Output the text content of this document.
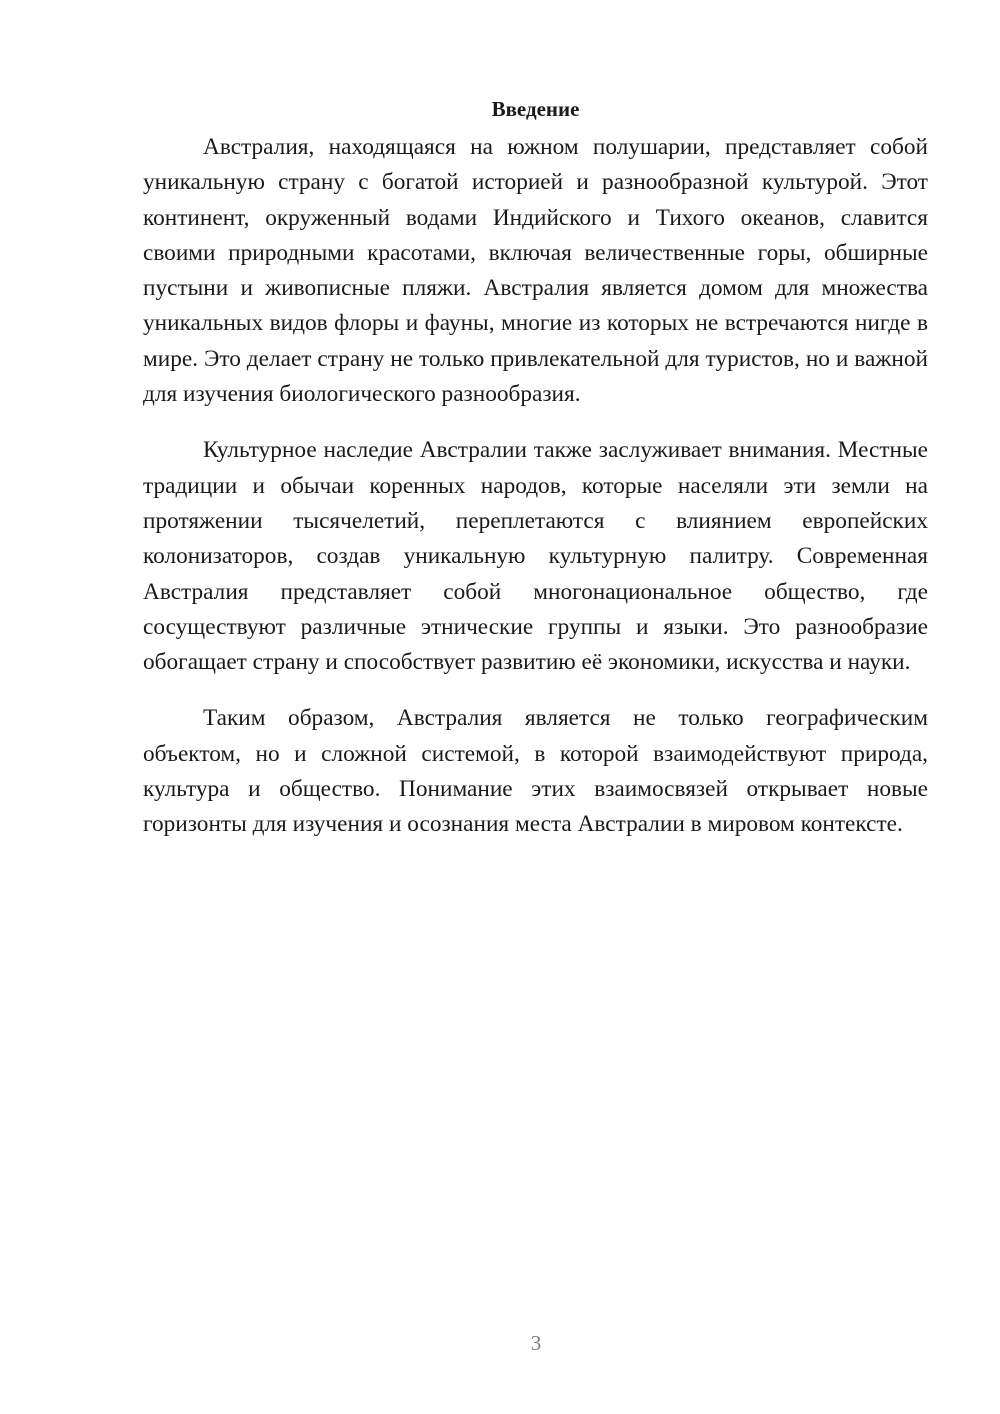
Введение

Австралия, находящаяся на южном полушарии, представляет собой уникальную страну с богатой историей и разнообразной культурой. Этот континент, окруженный водами Индийского и Тихого океанов, славится своими природными красотами, включая величественные горы, обширные пустыни и живописные пляжи. Австралия является домом для множества уникальных видов флоры и фауны, многие из которых не встречаются нигде в мире. Это делает страну не только привлекательной для туристов, но и важной для изучения биологического разнообразия.

Культурное наследие Австралии также заслуживает внимания. Местные традиции и обычаи коренных народов, которые населяли эти земли на протяжении тысячелетий, переплетаются с влиянием европейских колонизаторов, создав уникальную культурную палитру. Современная Австралия представляет собой многонациональное общество, где сосуществуют различные этнические группы и языки. Это разнообразие обогащает страну и способствует развитию её экономики, искусства и науки.

Таким образом, Австралия является не только географическим объектом, но и сложной системой, в которой взаимодействуют природа, культура и общество. Понимание этих взаимосвязей открывает новые горизонты для изучения и осознания места Австралии в мировом контексте.

3
